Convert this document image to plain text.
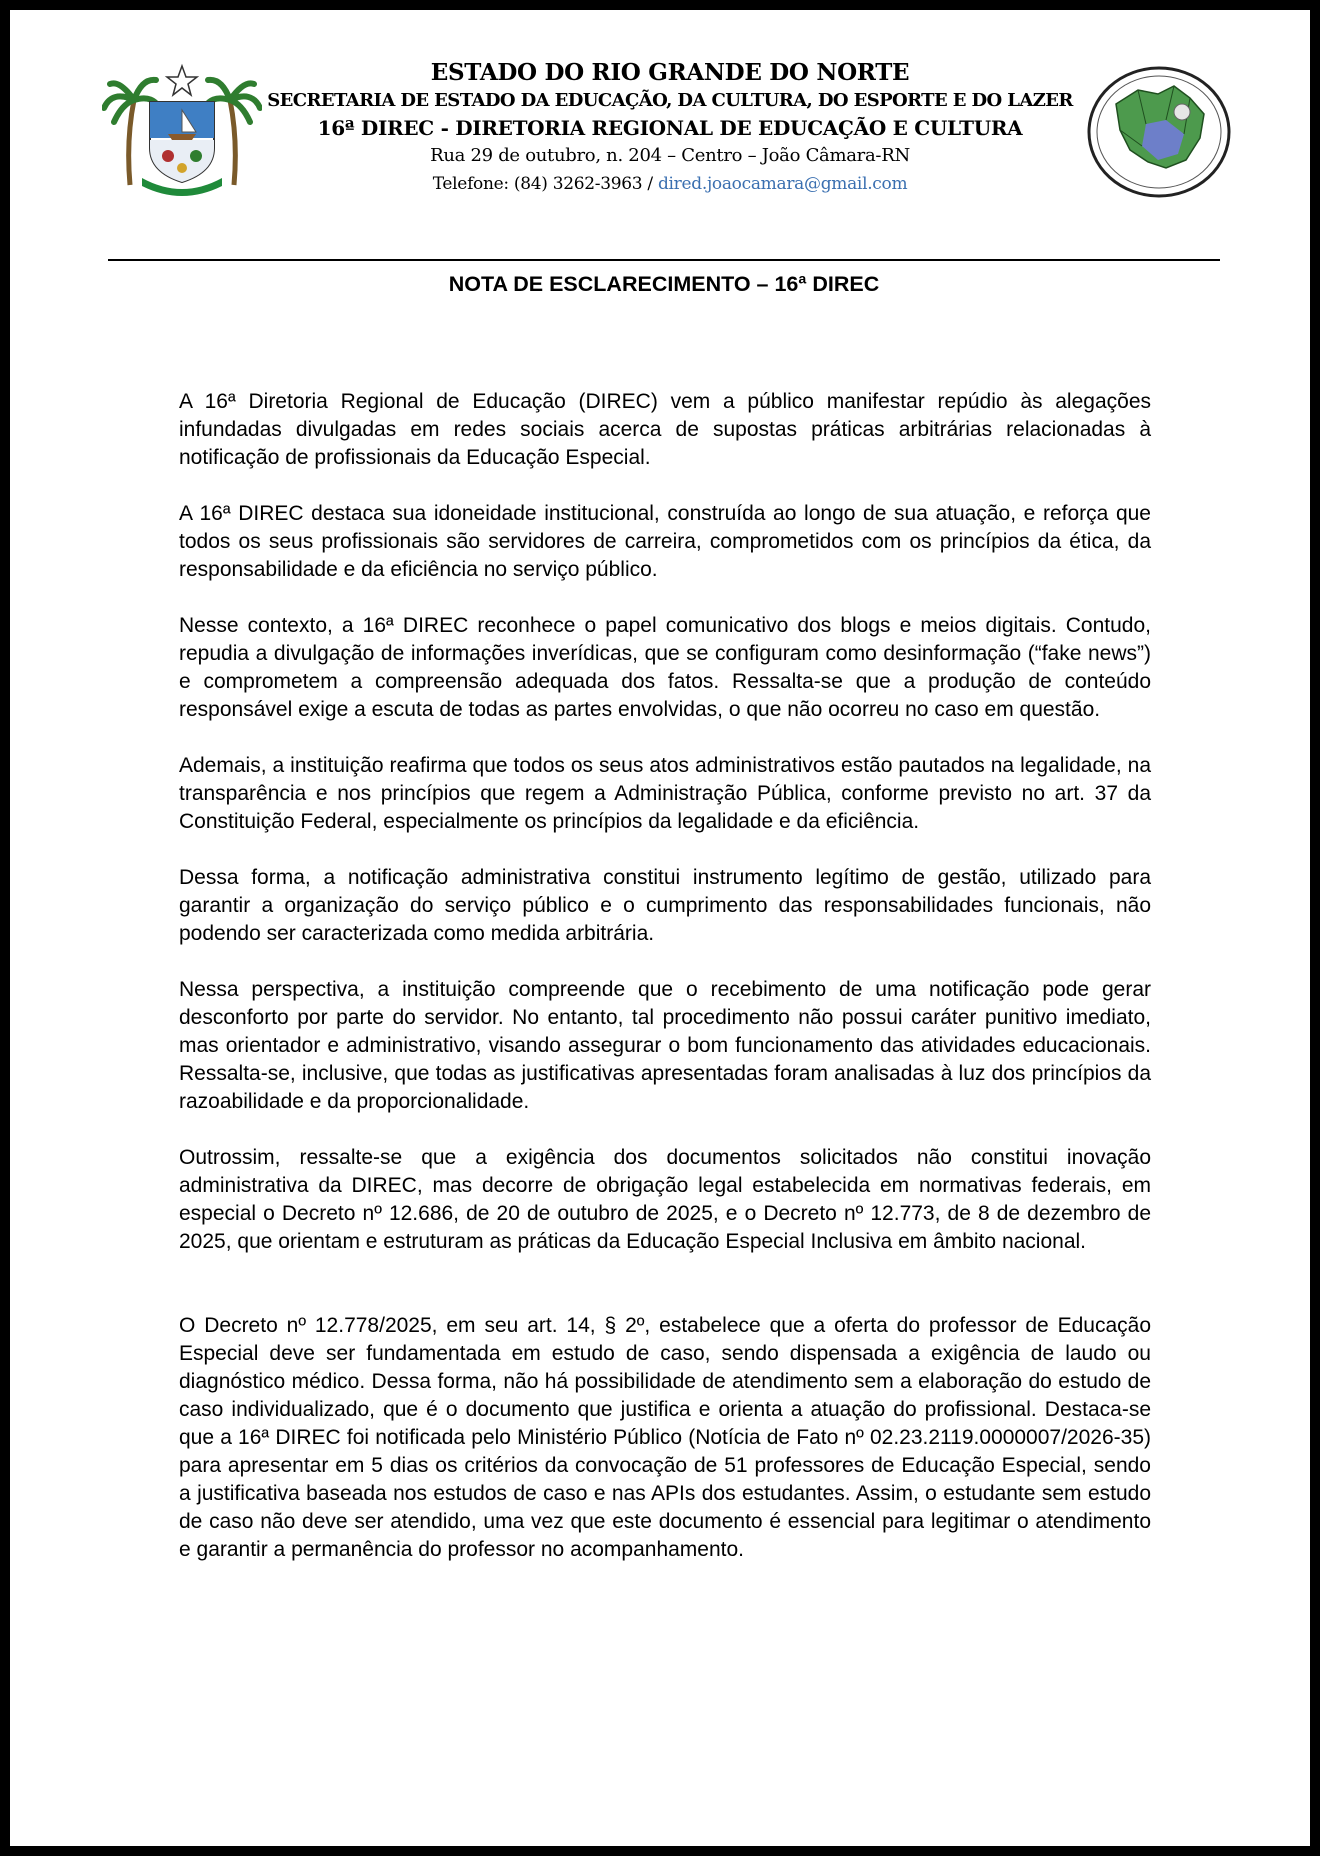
ESTADO DO RIO GRANDE DO NORTE
SECRETARIA DE ESTADO DA EDUCAÇÃO, DA CULTURA, DO ESPORTE E DO LAZER
16ª DIREC - DIRETORIA REGIONAL DE EDUCAÇÃO E CULTURA
Rua 29 de outubro, n. 204 – Centro – João Câmara-RN
Telefone: (84) 3262-3963 / dired.joaocamara@gmail.com
NOTA DE ESCLARECIMENTO – 16ª DIREC

A 16ª Diretoria Regional de Educação (DIREC) vem a público manifestar repúdio às alegações infundadas divulgadas em redes sociais acerca de supostas práticas arbitrárias relacionadas à notificação de profissionais da Educação Especial.

A 16ª DIREC destaca sua idoneidade institucional, construída ao longo de sua atuação, e reforça que todos os seus profissionais são servidores de carreira, comprometidos com os princípios da ética, da responsabilidade e da eficiência no serviço público.

Nesse contexto, a 16ª DIREC reconhece o papel comunicativo dos blogs e meios digitais. Contudo, repudia a divulgação de informações inverídicas, que se configuram como desinformação (“fake news”) e comprometem a compreensão adequada dos fatos. Ressalta-se que a produção de conteúdo responsável exige a escuta de todas as partes envolvidas, o que não ocorreu no caso em questão.

Ademais, a instituição reafirma que todos os seus atos administrativos estão pautados na legalidade, na transparência e nos princípios que regem a Administração Pública, conforme previsto no art. 37 da Constituição Federal, especialmente os princípios da legalidade e da eficiência.

Dessa forma, a notificação administrativa constitui instrumento legítimo de gestão, utilizado para garantir a organização do serviço público e o cumprimento das responsabilidades funcionais, não podendo ser caracterizada como medida arbitrária.

Nessa perspectiva, a instituição compreende que o recebimento de uma notificação pode gerar desconforto por parte do servidor. No entanto, tal procedimento não possui caráter punitivo imediato, mas orientador e administrativo, visando assegurar o bom funcionamento das atividades educacionais. Ressalta-se, inclusive, que todas as justificativas apresentadas foram analisadas à luz dos princípios da razoabilidade e da proporcionalidade.

Outrossim, ressalte-se que a exigência dos documentos solicitados não constitui inovação administrativa da DIREC, mas decorre de obrigação legal estabelecida em normativas federais, em especial o Decreto nº 12.686, de 20 de outubro de 2025, e o Decreto nº 12.773, de 8 de dezembro de 2025, que orientam e estruturam as práticas da Educação Especial Inclusiva em âmbito nacional.

O Decreto nº 12.778/2025, em seu art. 14, § 2º, estabelece que a oferta do professor de Educação Especial deve ser fundamentada em estudo de caso, sendo dispensada a exigência de laudo ou diagnóstico médico. Dessa forma, não há possibilidade de atendimento sem a elaboração do estudo de caso individualizado, que é o documento que justifica e orienta a atuação do profissional. Destaca-se que a 16ª DIREC foi notificada pelo Ministério Público (Notícia de Fato nº 02.23.2119.0000007/2026-35) para apresentar em 5 dias os critérios da convocação de 51 professores de Educação Especial, sendo a justificativa baseada nos estudos de caso e nas APIs dos estudantes. Assim, o estudante sem estudo de caso não deve ser atendido, uma vez que este documento é essencial para legitimar o atendimento e garantir a permanência do professor no acompanhamento.
